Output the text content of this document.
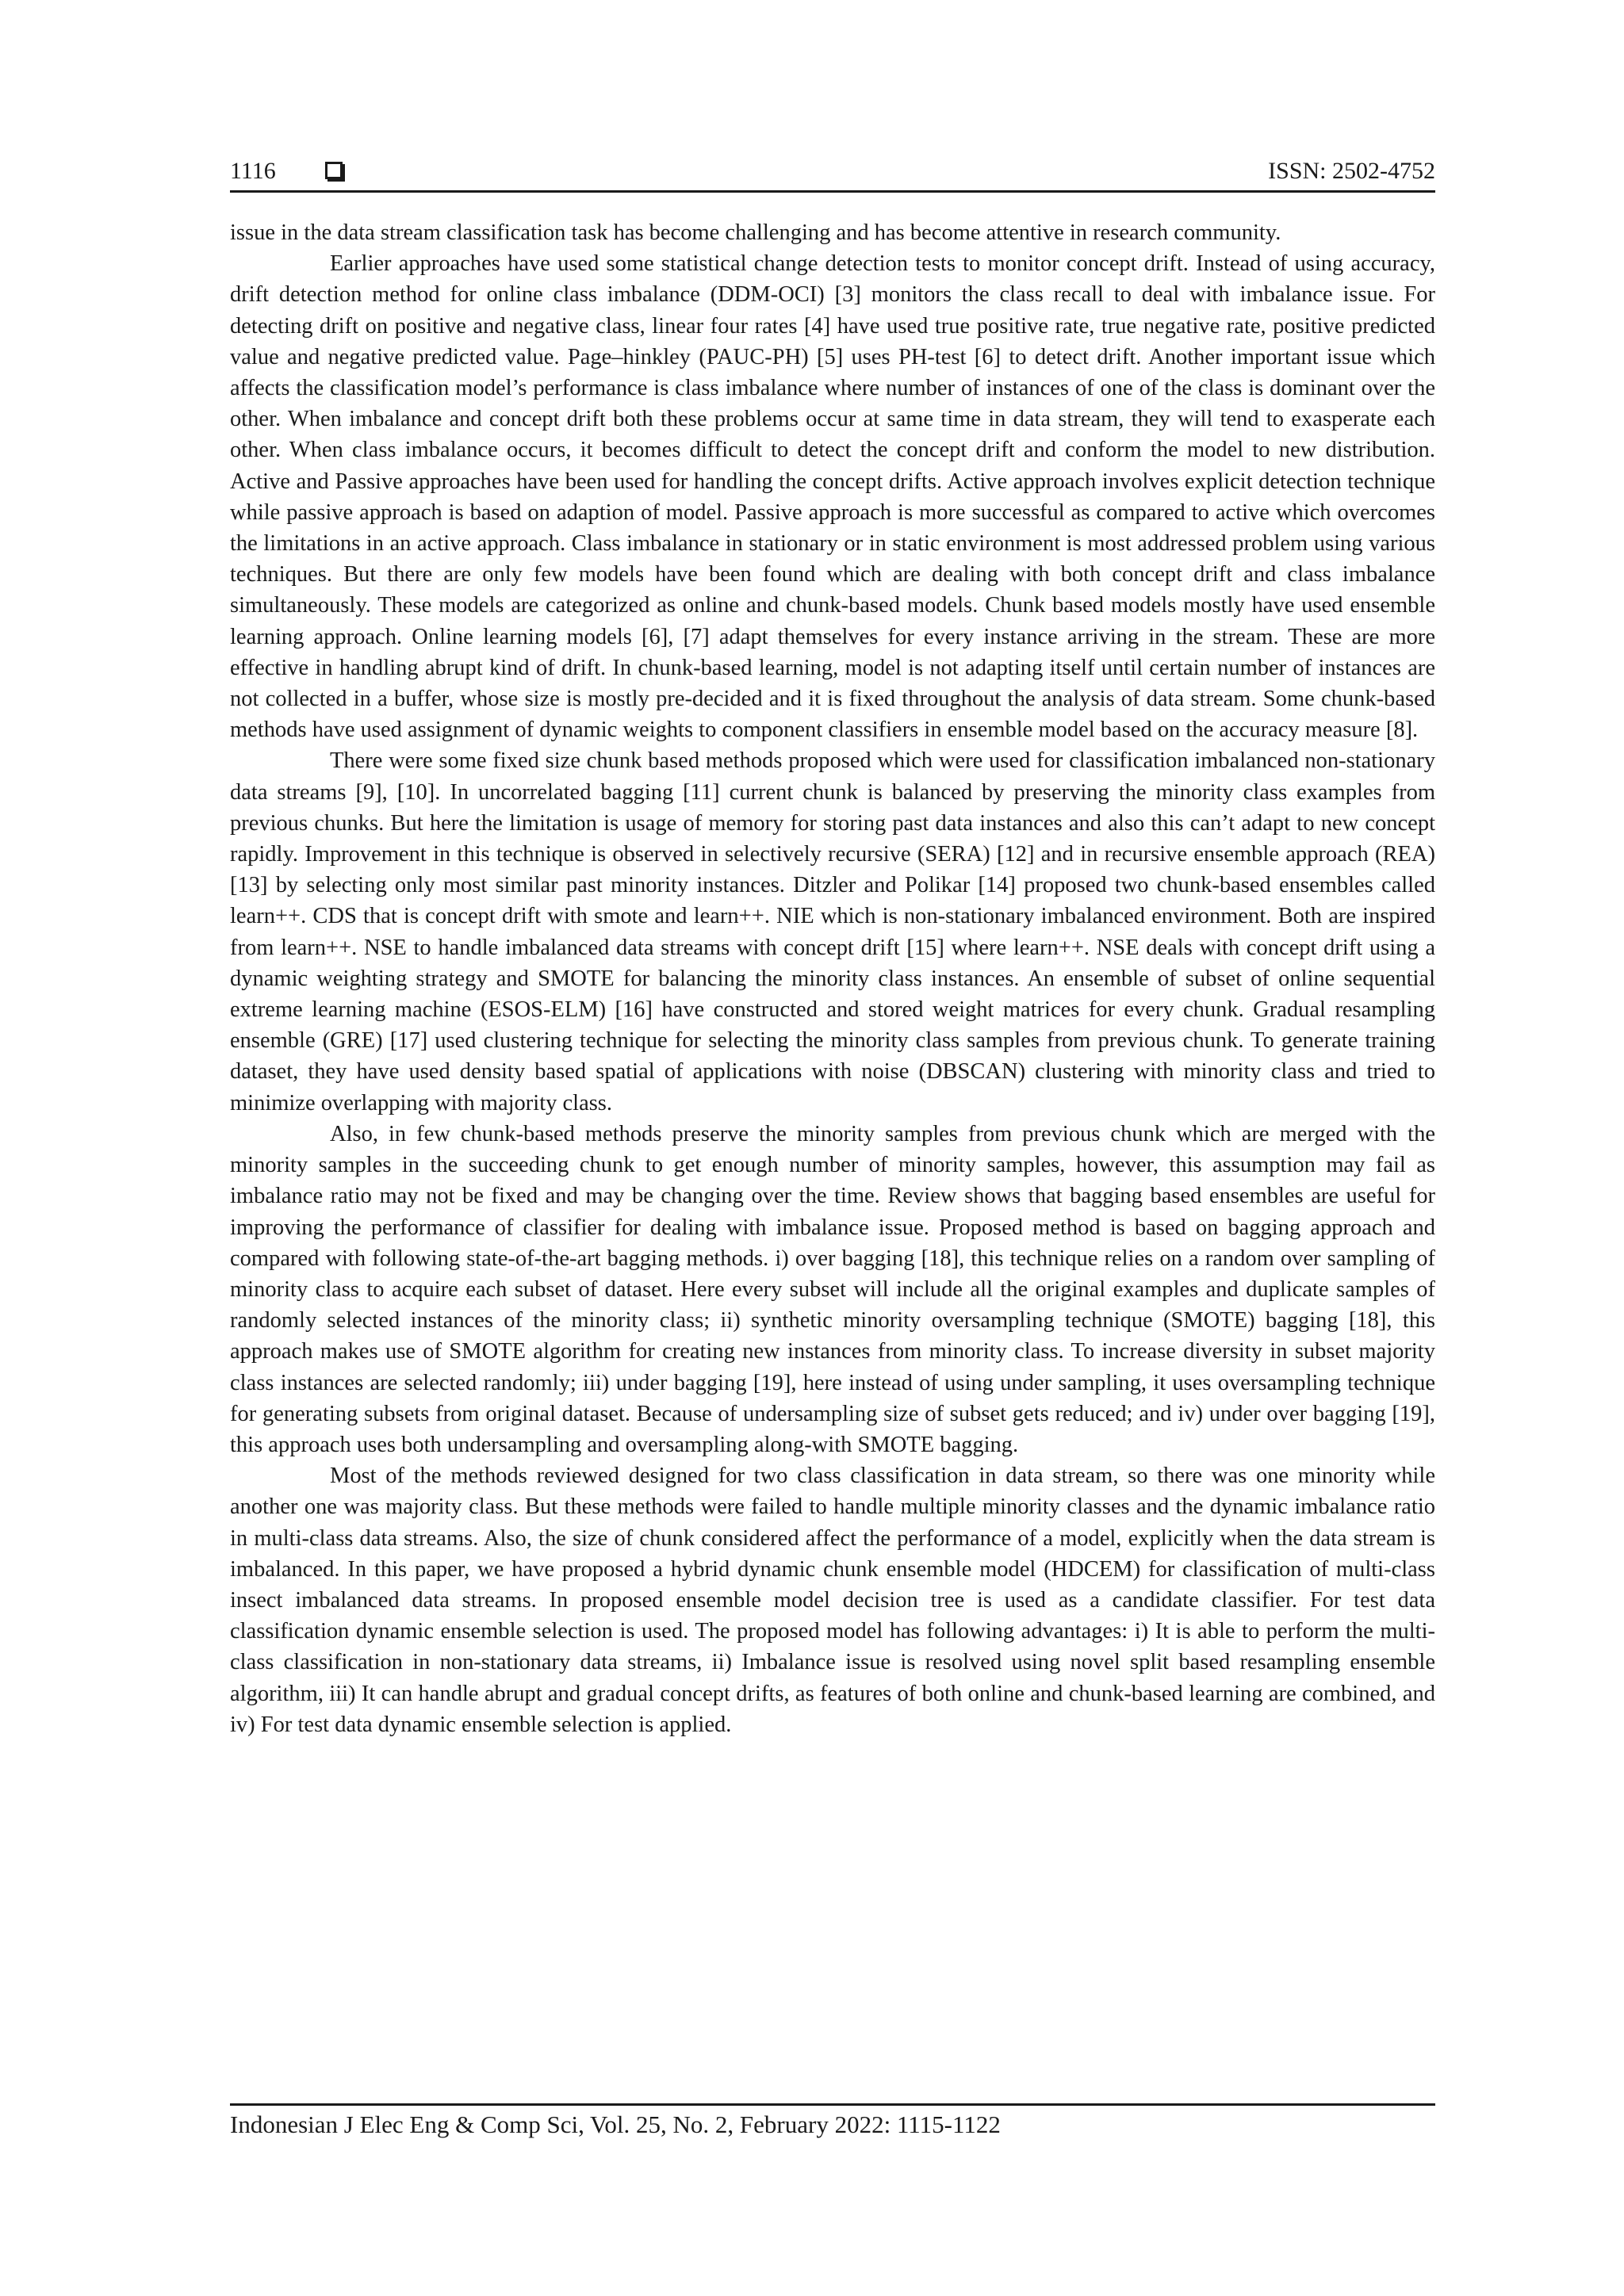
1116	ISSN: 2502-4752

issue in the data stream classification task has become challenging and has become attentive in research community.

Earlier approaches have used some statistical change detection tests to monitor concept drift. Instead of using accuracy, drift detection method for online class imbalance (DDM-OCI) [3] monitors the class recall to deal with imbalance issue. For detecting drift on positive and negative class, linear four rates [4] have used true positive rate, true negative rate, positive predicted value and negative predicted value. Page–hinkley (PAUC-PH) [5] uses PH-test [6] to detect drift. Another important issue which affects the classification model’s performance is class imbalance where number of instances of one of the class is dominant over the other. When imbalance and concept drift both these problems occur at same time in data stream, they will tend to exasperate each other. When class imbalance occurs, it becomes difficult to detect the concept drift and conform the model to new distribution. Active and Passive approaches have been used for handling the concept drifts. Active approach involves explicit detection technique while passive approach is based on adaption of model. Passive approach is more successful as compared to active which overcomes the limitations in an active approach. Class imbalance in stationary or in static environment is most addressed problem using various techniques. But there are only few models have been found which are dealing with both concept drift and class imbalance simultaneously. These models are categorized as online and chunk-based models. Chunk based models mostly have used ensemble learning approach. Online learning models [6], [7] adapt themselves for every instance arriving in the stream. These are more effective in handling abrupt kind of drift. In chunk-based learning, model is not adapting itself until certain number of instances are not collected in a buffer, whose size is mostly pre-decided and it is fixed throughout the analysis of data stream. Some chunk-based methods have used assignment of dynamic weights to component classifiers in ensemble model based on the accuracy measure [8].

There were some fixed size chunk based methods proposed which were used for classification imbalanced non-stationary data streams [9], [10]. In uncorrelated bagging [11] current chunk is balanced by preserving the minority class examples from previous chunks. But here the limitation is usage of memory for storing past data instances and also this can’t adapt to new concept rapidly. Improvement in this technique is observed in selectively recursive (SERA) [12] and in recursive ensemble approach (REA) [13] by selecting only most similar past minority instances. Ditzler and Polikar [14] proposed two chunk-based ensembles called learn++. CDS that is concept drift with smote and learn++. NIE which is non-stationary imbalanced environment. Both are inspired from learn++. NSE to handle imbalanced data streams with concept drift [15] where learn++. NSE deals with concept drift using a dynamic weighting strategy and SMOTE for balancing the minority class instances. An ensemble of subset of online sequential extreme learning machine (ESOS-ELM) [16] have constructed and stored weight matrices for every chunk. Gradual resampling ensemble (GRE) [17] used clustering technique for selecting the minority class samples from previous chunk. To generate training dataset, they have used density based spatial of applications with noise (DBSCAN) clustering with minority class and tried to minimize overlapping with majority class.

Also, in few chunk-based methods preserve the minority samples from previous chunk which are merged with the minority samples in the succeeding chunk to get enough number of minority samples, however, this assumption may fail as imbalance ratio may not be fixed and may be changing over the time. Review shows that bagging based ensembles are useful for improving the performance of classifier for dealing with imbalance issue. Proposed method is based on bagging approach and compared with following state-of-the-art bagging methods. i) over bagging [18], this technique relies on a random over sampling of minority class to acquire each subset of dataset. Here every subset will include all the original examples and duplicate samples of randomly selected instances of the minority class; ii) synthetic minority oversampling technique (SMOTE) bagging [18], this approach makes use of SMOTE algorithm for creating new instances from minority class. To increase diversity in subset majority class instances are selected randomly; iii) under bagging [19], here instead of using under sampling, it uses oversampling technique for generating subsets from original dataset. Because of undersampling size of subset gets reduced; and iv) under over bagging [19], this approach uses both undersampling and oversampling along-with SMOTE bagging.

Most of the methods reviewed designed for two class classification in data stream, so there was one minority while another one was majority class. But these methods were failed to handle multiple minority classes and the dynamic imbalance ratio in multi-class data streams. Also, the size of chunk considered affect the performance of a model, explicitly when the data stream is imbalanced. In this paper, we have proposed a hybrid dynamic chunk ensemble model (HDCEM) for classification of multi-class insect imbalanced data streams. In proposed ensemble model decision tree is used as a candidate classifier. For test data classification dynamic ensemble selection is used. The proposed model has following advantages: i) It is able to perform the multi-class classification in non-stationary data streams, ii) Imbalance issue is resolved using novel split based resampling ensemble algorithm, iii) It can handle abrupt and gradual concept drifts, as features of both online and chunk-based learning are combined, and iv) For test data dynamic ensemble selection is applied.

Indonesian J Elec Eng & Comp Sci, Vol. 25, No. 2, February 2022: 1115-1122
